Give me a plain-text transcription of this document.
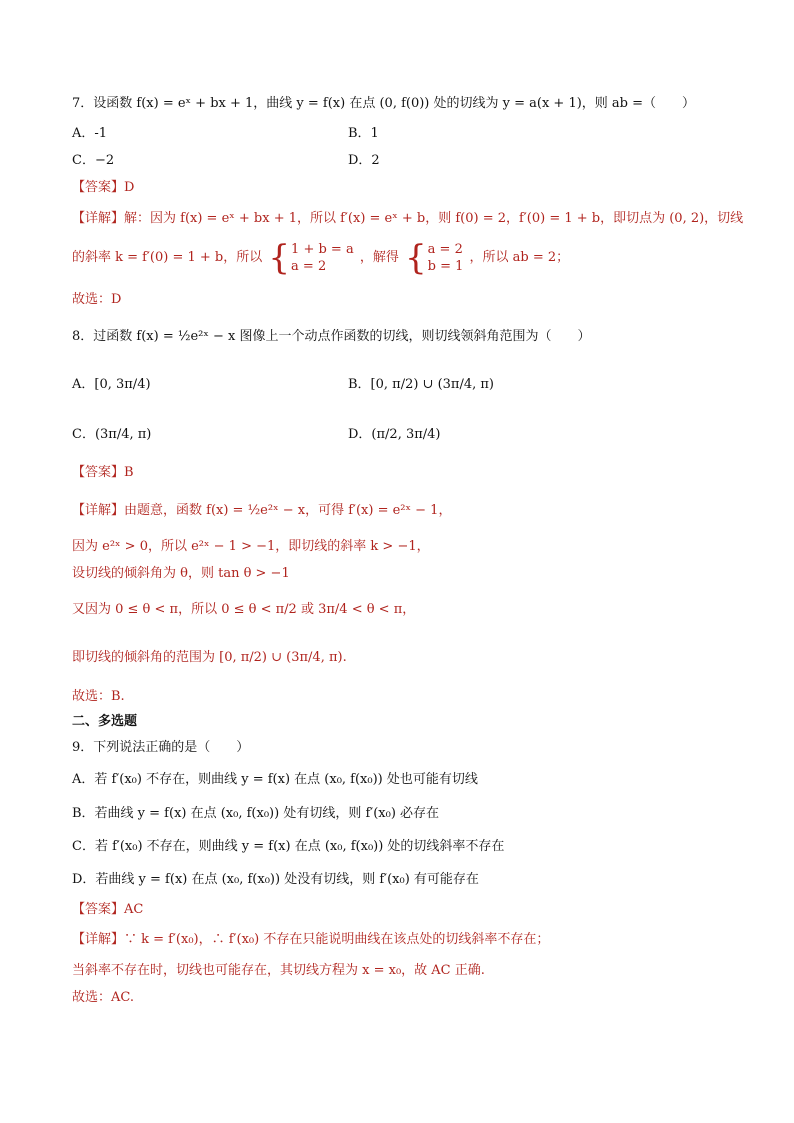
7．设函数 f(x) = eˣ + bx + 1，曲线 y = f(x) 在点 (0, f(0)) 处的切线为 y = a(x + 1)，则 ab =（　　）
A．-1	B．1
C．−2	D．2
【答案】D
【详解】解：因为 f(x) = eˣ + bx + 1，所以 f′(x) = eˣ + b，则 f(0) = 2，f′(0) = 1 + b，即切点为 (0, 2)，切线
的斜率 k = f′(0) = 1 + b，所以 { 1 + b = a
a = 2
，解得 { a = 2
b = 1
，所以 ab = 2；
故选：D
8．过函数 f(x) = ½e²ˣ − x 图像上一个动点作函数的切线，则切线领斜角范围为（　　）
A．[0, 3π/4)	B．[0, π/2) ∪ (3π/4, π)
C．(3π/4, π)	D．(π/2, 3π/4)
【答案】B
【详解】由题意，函数 f(x) = ½e²ˣ − x，可得 f′(x) = e²ˣ − 1，
因为 e²ˣ > 0，所以 e²ˣ − 1 > −1，即切线的斜率 k > −1，
设切线的倾斜角为 θ，则 tan θ > −1
又因为 0 ≤ θ < π，所以 0 ≤ θ < π/2 或 3π/4 < θ < π，
即切线的倾斜角的范围为 [0, π/2) ∪ (3π/4, π).
故选：B.
二、多选题
9．下列说法正确的是（　　）
A．若 f′(x₀) 不存在，则曲线 y = f(x) 在点 (x₀, f(x₀)) 处也可能有切线
B．若曲线 y = f(x) 在点 (x₀, f(x₀)) 处有切线，则 f′(x₀) 必存在
C．若 f′(x₀) 不存在，则曲线 y = f(x) 在点 (x₀, f(x₀)) 处的切线斜率不存在
D．若曲线 y = f(x) 在点 (x₀, f(x₀)) 处没有切线，则 f′(x₀) 有可能存在
【答案】AC
【详解】∵ k = f′(x₀)，∴ f′(x₀) 不存在只能说明曲线在该点处的切线斜率不存在；
当斜率不存在时，切线也可能存在，其切线方程为 x = x₀，故 AC 正确.
故选：AC.
